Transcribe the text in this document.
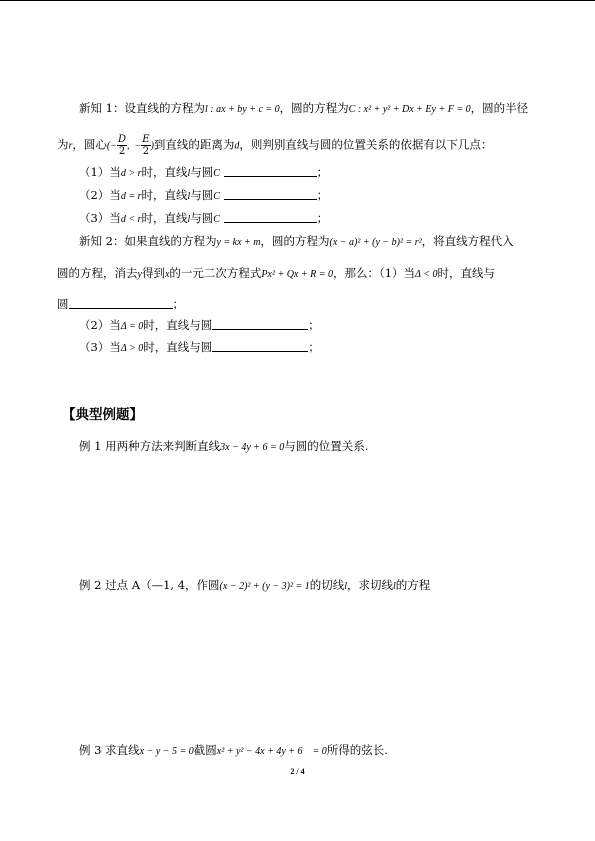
新知 1：设直线的方程为l : ax + by + c = 0，圆的方程为C : x² + y² + Dx + Ey + F = 0，圆的半径
为r，圆心(− $\frac{D}{2}$ ,  − $\frac{E}{2}$ )到直线的距离为d，则判别直线与圆的位置关系的依据有以下几点：
（1）当d > r时，直线l与圆C	；
（2）当d = r时，直线l与圆C	；
（3）当d < r时，直线l与圆C	；
新知 2：如果直线的方程为y = kx + m，圆的方程为(x − a)² + (y − b)² = r²，将直线方程代入
圆的方程，消去y得到x的一元二次方程式Px² + Qx + R = 0，那么：（1）当Δ < 0时，直线与
圆	；
（2）当Δ = 0时，直线与圆	；
（3）当Δ > 0时，直线与圆	；
【典型例题】
例 1 用两种方法来判断直线3x − 4y + 6 = 0与圆的位置关系.
例 2 过点 A（—1, 4，作圆(x − 2)² + (y − 3)² = 1的切线l，求切线l的方程
例 3 求直线x − y − 5 = 0截圆x² + y² − 4x + 4y + 6    = 0所得的弦长.
2 / 4
